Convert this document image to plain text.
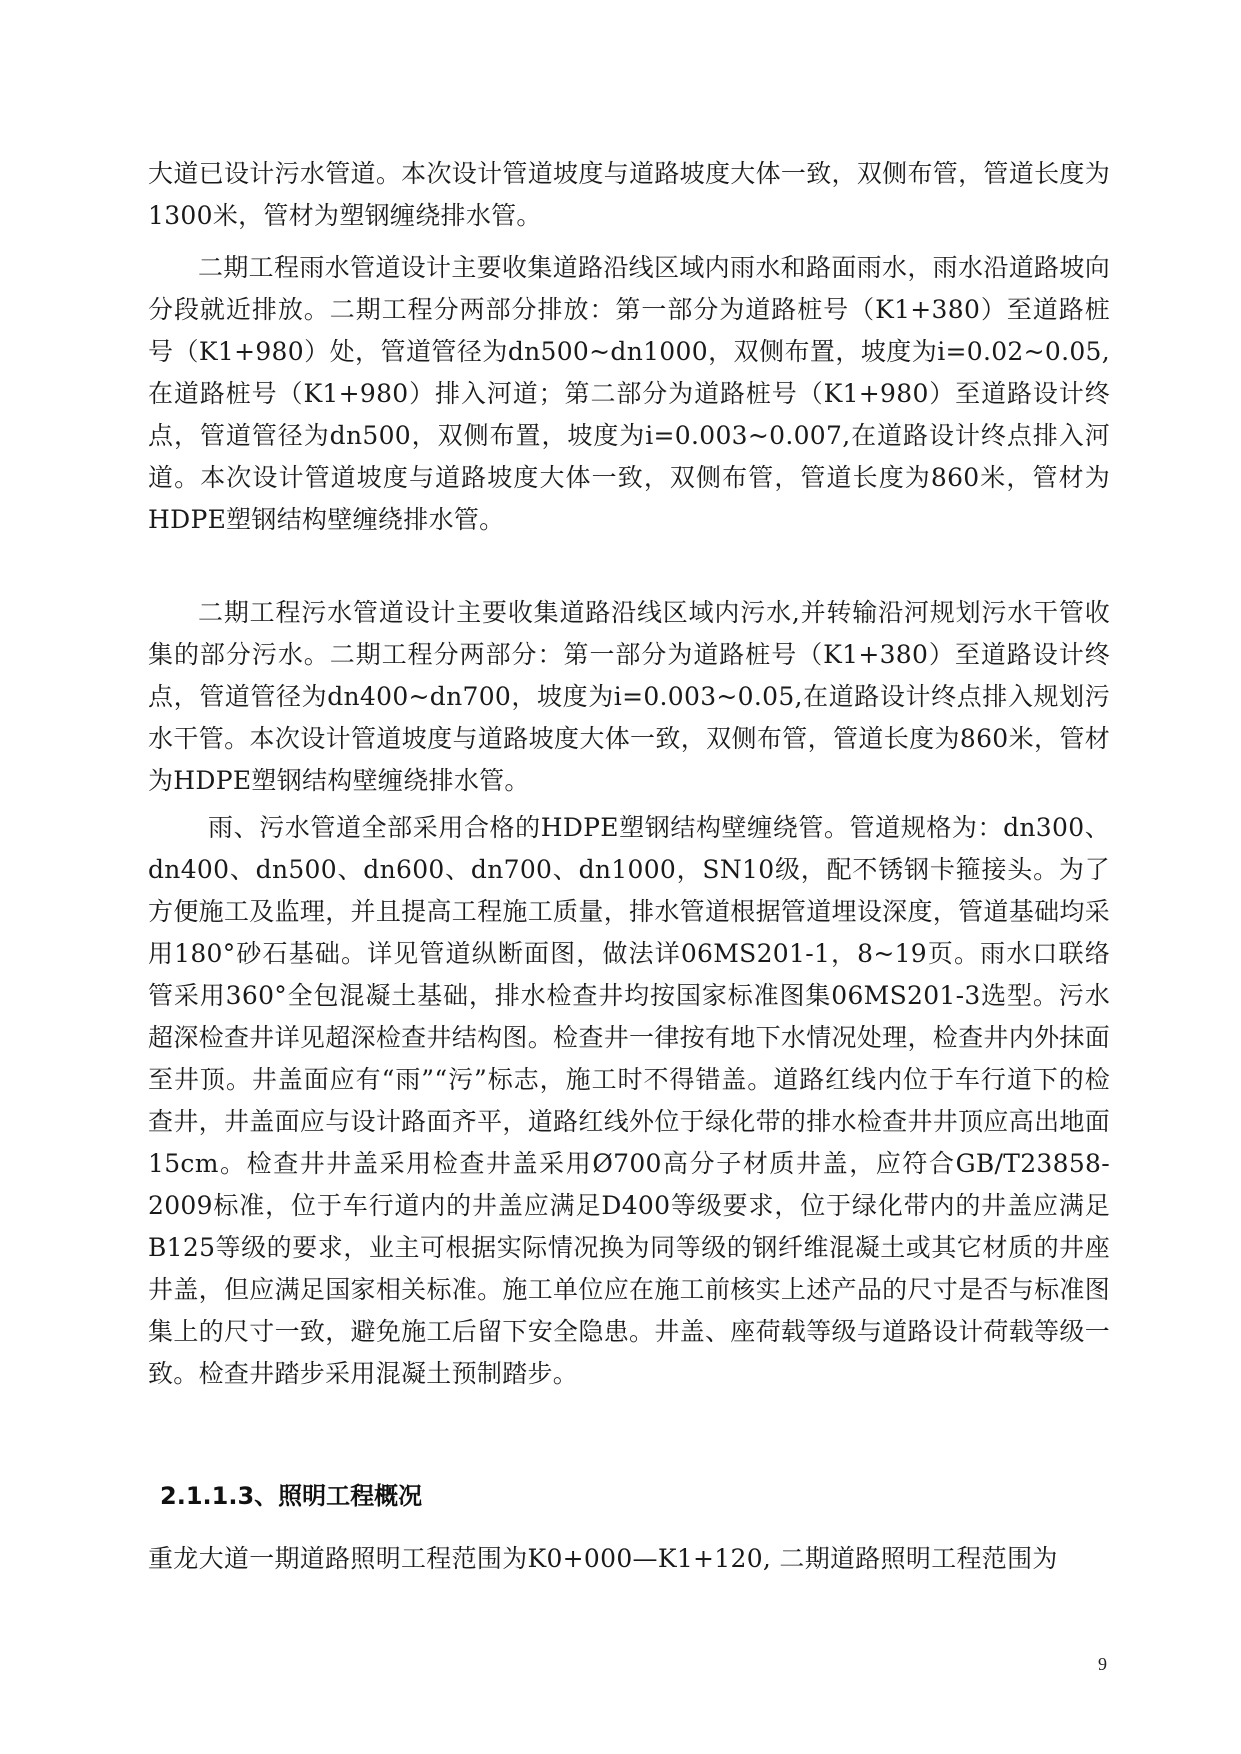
大道已设计污水管道。本次设计管道坡度与道路坡度大体一致，双侧布管，管道长度为1300米，管材为塑钢缠绕排水管。

二期工程雨水管道设计主要收集道路沿线区域内雨水和路面雨水，雨水沿道路坡向分段就近排放。二期工程分两部分排放：第一部分为道路桩号（K1+380）至道路桩号（K1+980）处，管道管径为dn500~dn1000，双侧布置，坡度为i=0.02~0.05,在道路桩号（K1+980）排入河道；第二部分为道路桩号（K1+980）至道路设计终点，管道管径为dn500，双侧布置，坡度为i=0.003~0.007,在道路设计终点排入河道。本次设计管道坡度与道路坡度大体一致，双侧布管，管道长度为860米，管材为HDPE塑钢结构壁缠绕排水管。

二期工程污水管道设计主要收集道路沿线区域内污水,并转输沿河规划污水干管收集的部分污水。二期工程分两部分：第一部分为道路桩号（K1+380）至道路设计终点，管道管径为dn400~dn700，坡度为i=0.003~0.05,在道路设计终点排入规划污水干管。本次设计管道坡度与道路坡度大体一致，双侧布管，管道长度为860米，管材为HDPE塑钢结构壁缠绕排水管。

雨、污水管道全部采用合格的HDPE塑钢结构壁缠绕管。管道规格为：dn300、dn400、dn500、dn600、dn700、dn1000，SN10级，配不锈钢卡箍接头。为了方便施工及监理，并且提高工程施工质量，排水管道根据管道埋设深度，管道基础均采用180°砂石基础。详见管道纵断面图，做法详06MS201-1，8~19页。雨水口联络管采用360°全包混凝土基础，排水检查井均按国家标准图集06MS201-3选型。污水超深检查井详见超深检查井结构图。检查井一律按有地下水情况处理，检查井内外抹面至井顶。井盖面应有“雨”“污”标志，施工时不得错盖。道路红线内位于车行道下的检查井，井盖面应与设计路面齐平，道路红线外位于绿化带的排水检查井井顶应高出地面15cm。检查井井盖采用检查井盖采用Ø700高分子材质井盖，应符合GB/T23858-2009标准，位于车行道内的井盖应满足D400等级要求，位于绿化带内的井盖应满足B125等级的要求，业主可根据实际情况换为同等级的钢纤维混凝土或其它材质的井座井盖，但应满足国家相关标准。施工单位应在施工前核实上述产品的尺寸是否与标准图集上的尺寸一致，避免施工后留下安全隐患。井盖、座荷载等级与道路设计荷载等级一致。检查井踏步采用混凝土预制踏步。

2.1.1.3、照明工程概况

重龙大道一期道路照明工程范围为K0+000—K1+120, 二期道路照明工程范围为

9
